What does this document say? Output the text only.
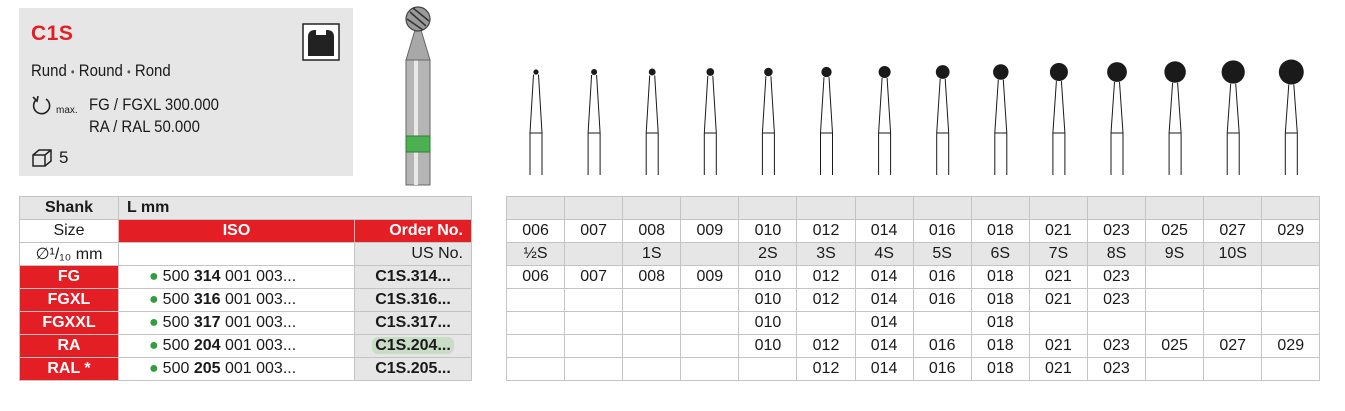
C1S
Rund • Round • Rond
max. FG / FGXL 300.000
RA / RAL 50.000
5
Shank	L mm	
Size	ISO	Order No.
∅¹/₁₀ mm		US No.
FG	● 500 314 001 003...	C1S.314...
FGXL	● 500 316 001 003...	C1S.316...
FGXXL	● 500 317 001 003...	C1S.317...
RA	● 500 204 001 003...	C1S.204...
RAL *	● 500 205 001 003...	C1S.205...

006	007	008	009	010	012	014	016	018	021	023	025	027	029
½S		1S		2S	3S	4S	5S	6S	7S	8S	9S	10S	
006	007	008	009	010	012	014	016	018	021	023			
				010	012	014	016	018	021	023			
				010		014		018					
				010	012	014	016	018	021	023	025	027	029
					012	014	016	018	021	023			
